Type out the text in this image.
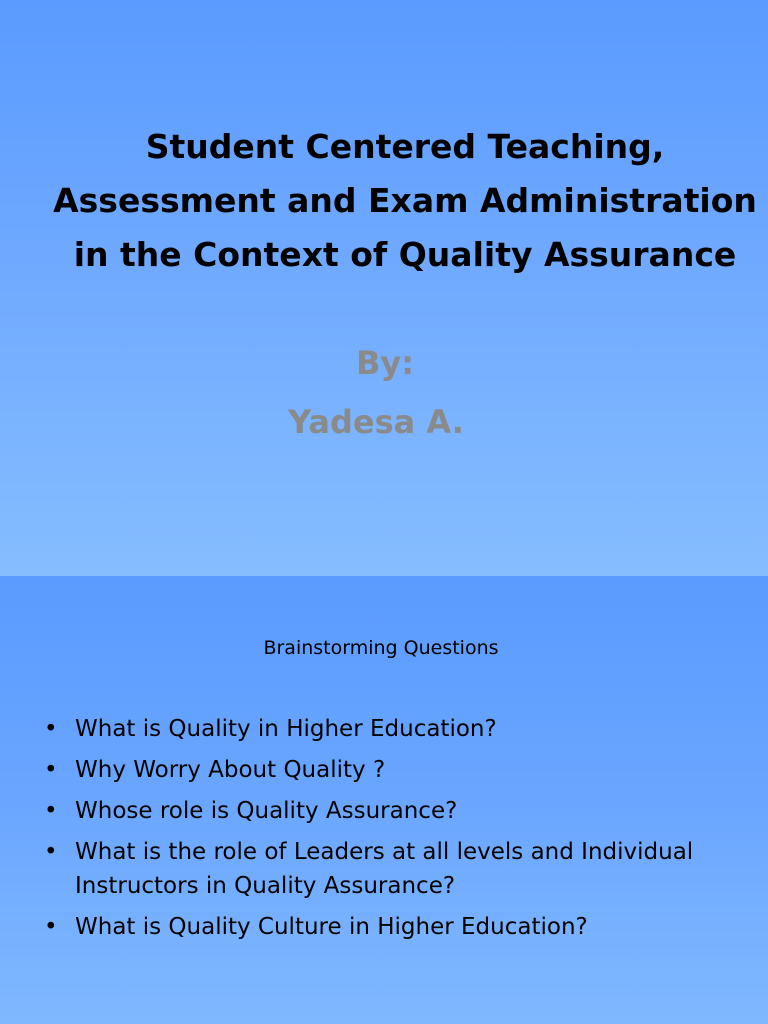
Student Centered Teaching, Assessment and Exam Administration in the Context of Quality Assurance
By:
Yadesa A.
Brainstorming Questions
• What is Quality in Higher Education?
• Why Worry About Quality ?
• Whose role is Quality Assurance?
• What is the role of Leaders at all levels and Individual Instructors in Quality Assurance?
• What is Quality Culture in Higher Education?
